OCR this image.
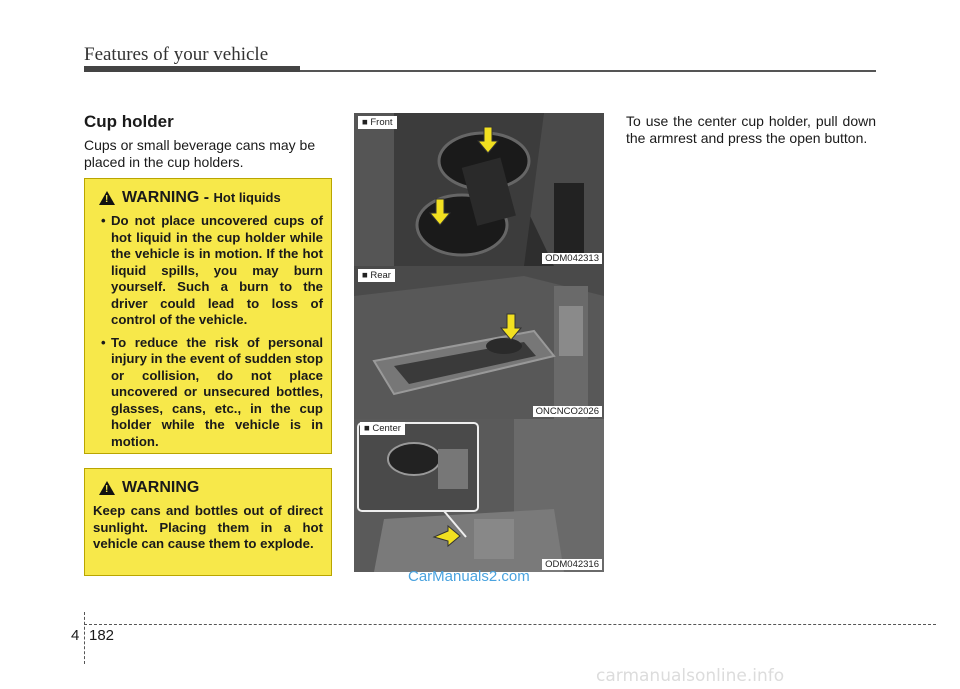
Features of your vehicle
Cup holder
Cups or small beverage cans may be placed in the cup holders.
! WARNING - Hot liquids
• Do not place uncovered cups of hot liquid in the cup holder while the vehicle is in motion. If the hot liquid spills, you may burn yourself. Such a burn to the driver could lead to loss of control of the vehicle.
• To reduce the risk of personal injury in the event of sudden stop or collision, do not place uncovered or unsecured bottles, glasses, cans, etc., in the cup holder while the vehicle is in motion.
! WARNING
Keep cans and bottles out of direct sunlight. Placing them in a hot vehicle can cause them to explode.
■ Front
ODM042313
■ Rear
ONCNCO2026
■ Center
ODM042316
CarManuals2.com
To use the center cup holder, pull down the armrest and press the open button.
4 182
carmanualsonline.info
